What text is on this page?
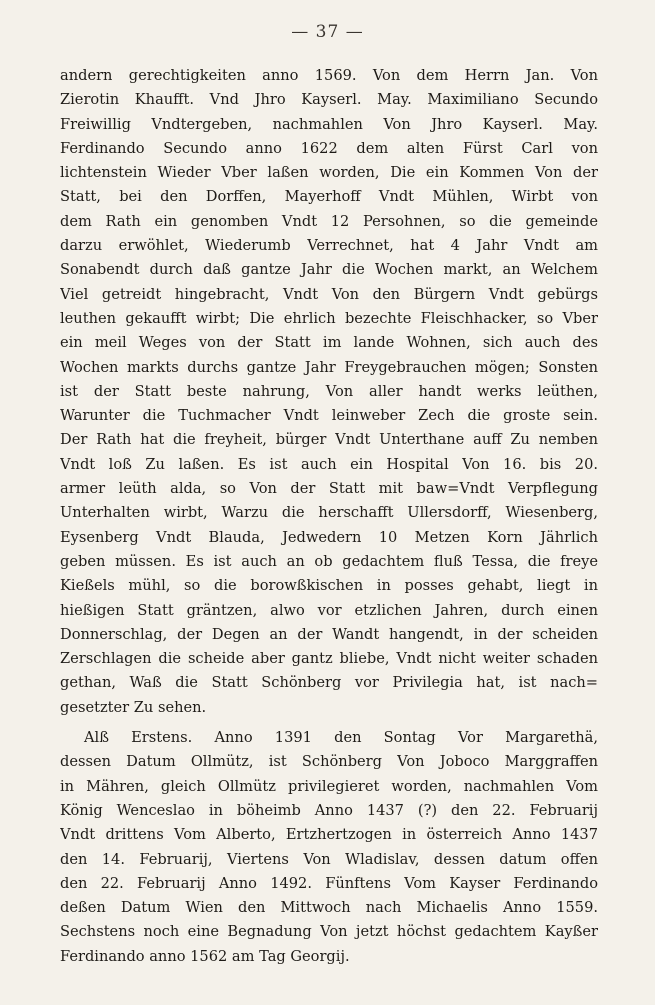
— 37 —
andern gerechtigkeiten anno 1569. Von dem Herrn Jan. Von
Zierotin Khaufft. Vnd Jhro Kayserl. May. Maximiliano Secundo
Freiwillig Vndtergeben, nachmahlen Von Jhro Kayserl. May.
Ferdinando Secundo anno 1622 dem alten Fürst Carl von
lichtenstein Wieder Vber laßen worden, Die ein Kommen Von der
Statt, bei den Dorffen, Mayerhoff Vndt Mühlen, Wirbt von
dem Rath ein genomben Vndt 12 Persohnen, so die gemeinde
darzu erwöhlet, Wiederumb Verrechnet, hat 4 Jahr Vndt am
Sonabendt durch daß gantze Jahr die Wochen markt, an Welchem
Viel getreidt hingebracht, Vndt Von den Bürgern Vndt gebürgs
leuthen gekaufft wirbt; Die ehrlich bezechte Fleischhacker, so Vber
ein meil Weges von der Statt im lande Wohnen, sich auch des
Wochen markts durchs gantze Jahr Freygebrauchen mögen; Sonsten
ist der Statt beste nahrung, Von aller handt werks leüthen,
Warunter die Tuchmacher Vndt leinweber Zech die groste sein.
Der Rath hat die freyheit, bürger Vndt Unterthane auff Zu nemben
Vndt loß Zu laßen. Es ist auch ein Hospital Von 16. bis 20.
armer leüth alda, so Von der Statt mit baw=Vndt Verpflegung
Unterhalten wirbt, Warzu die herschafft Ullersdorff, Wiesenberg,
Eysenberg Vndt Blauda, Jedwedern 10 Metzen Korn Jährlich
geben müssen. Es ist auch an ob gedachtem fluß Tessa, die freye
Kießels mühl, so die borowßkischen in posses gehabt, liegt in
hießigen Statt gräntzen, alwo vor etzlichen Jahren, durch einen
Donnerschlag, der Degen an der Wandt hangendt, in der scheiden
Zerschlagen die scheide aber gantz bliebe, Vndt nicht weiter schaden
gethan, Waß die Statt Schönberg vor Privilegia hat, ist nach=
gesetzter Zu sehen.
Alß Erstens. Anno 1391 den Sontag Vor Margarethä,
dessen Datum Ollmütz, ist Schönberg Von Joboco Marggraffen
in Mähren, gleich Ollmütz privilegieret worden, nachmahlen Vom
König Wenceslao in böheimb Anno 1437 (?) den 22. Februarij
Vndt drittens Vom Alberto, Ertzhertzogen in österreich Anno 1437
den 14. Februarij, Viertens Von Wladislav, dessen datum offen
den 22. Februarij Anno 1492. Fünftens Vom Kayser Ferdinando
deßen Datum Wien den Mittwoch nach Michaelis Anno 1559.
Sechstens noch eine Begnadung Von jetzt höchst gedachtem Kayßer
Ferdinando anno 1562 am Tag Georgij.
